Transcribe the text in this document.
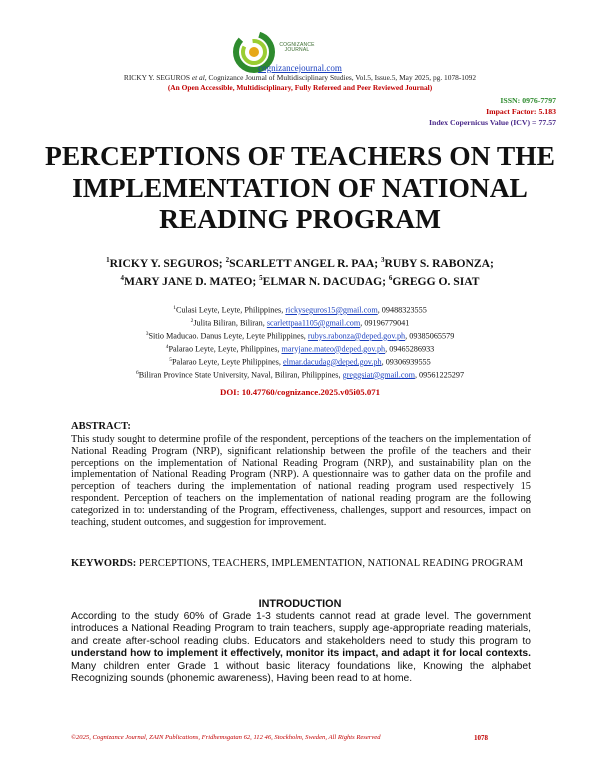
COGNIZANCE
JOURNAL
cognizancejournal.com
RICKY Y. SEGUROS et al, Cognizance Journal of Multidisciplinary Studies, Vol.5, Issue.5, May 2025, pg. 1078-1092
(An Open Accessible, Multidisciplinary, Fully Refereed and Peer Reviewed Journal)
ISSN: 0976-7797
Impact Factor: 5.183
Index Copernicus Value (ICV) = 77.57
PERCEPTIONS OF TEACHERS ON THE IMPLEMENTATION OF NATIONAL READING PROGRAM
$^1$RICKY Y. SEGUROS; $^2$SCARLETT ANGEL R. PAA; $^3$RUBY S. RABONZA;
$^4$MARY JANE D. MATEO; $^5$ELMAR N. DACUDAG; $^6$GREGG O. SIAT
$^1$Culasi Leyte, Leyte, Philippines, rickyseguros15@gmail.com, 09488323555
$^2$Julita Biliran, Biliran, scarlettpaa1105@gmail.com, 09196779041
$^3$Sitio Maducao. Danus Leyte, Leyte Philippines, rubys.rabonza@deped.gov.ph, 09385065579
$^4$Palarao Leyte, Leyte, Philippines, maryjane.mateo@deped.gov.ph, 09465286933
$^5$Palarao Leyte, Leyte Philippines, elmar.dacudag@deped.gov.ph, 09306939555
$^6$Biliran Province State University, Naval, Biliran, Philippines, greggsiat@gmail.com, 09561225297
DOI: 10.47760/cognizance.2025.v05i05.071
ABSTRACT:
This study sought to determine profile of the respondent, perceptions of the teachers on the implementation of National Reading Program (NRP), significant relationship between the profile of the teachers and their perceptions on the implementation of National Reading Program (NRP), and sustainability plan on the implementation of National Reading Program (NRP). A questionnaire was to gather data on the profile and perception of teachers during the implementation of national reading program used respectively 15 respondent. Perception of teachers on the implementation of national reading program are the following categorized in to: understanding of the Program, effectiveness, challenges, support and resources, impact on teaching, student outcomes, and suggestion for improvement.
KEYWORDS: PERCEPTIONS, TEACHERS, IMPLEMENTATION, NATIONAL READING PROGRAM
INTRODUCTION
According to the study 60% of Grade 1-3 students cannot read at grade level. The government introduces a National Reading Program to train teachers, supply age-appropriate reading materials, and create after-school reading clubs. Educators and stakeholders need to study this program to understand how to implement it effectively, monitor its impact, and adapt it for local contexts. Many children enter Grade 1 without basic literacy foundations like, Knowing the alphabet Recognizing sounds (phonemic awareness), Having been read to at home.
©2025, Cognizance Journal, ZAIN Publications, Fridhemsgatan 62, 112 46, Stockholm, Sweden, All Rights Reserved	1078
